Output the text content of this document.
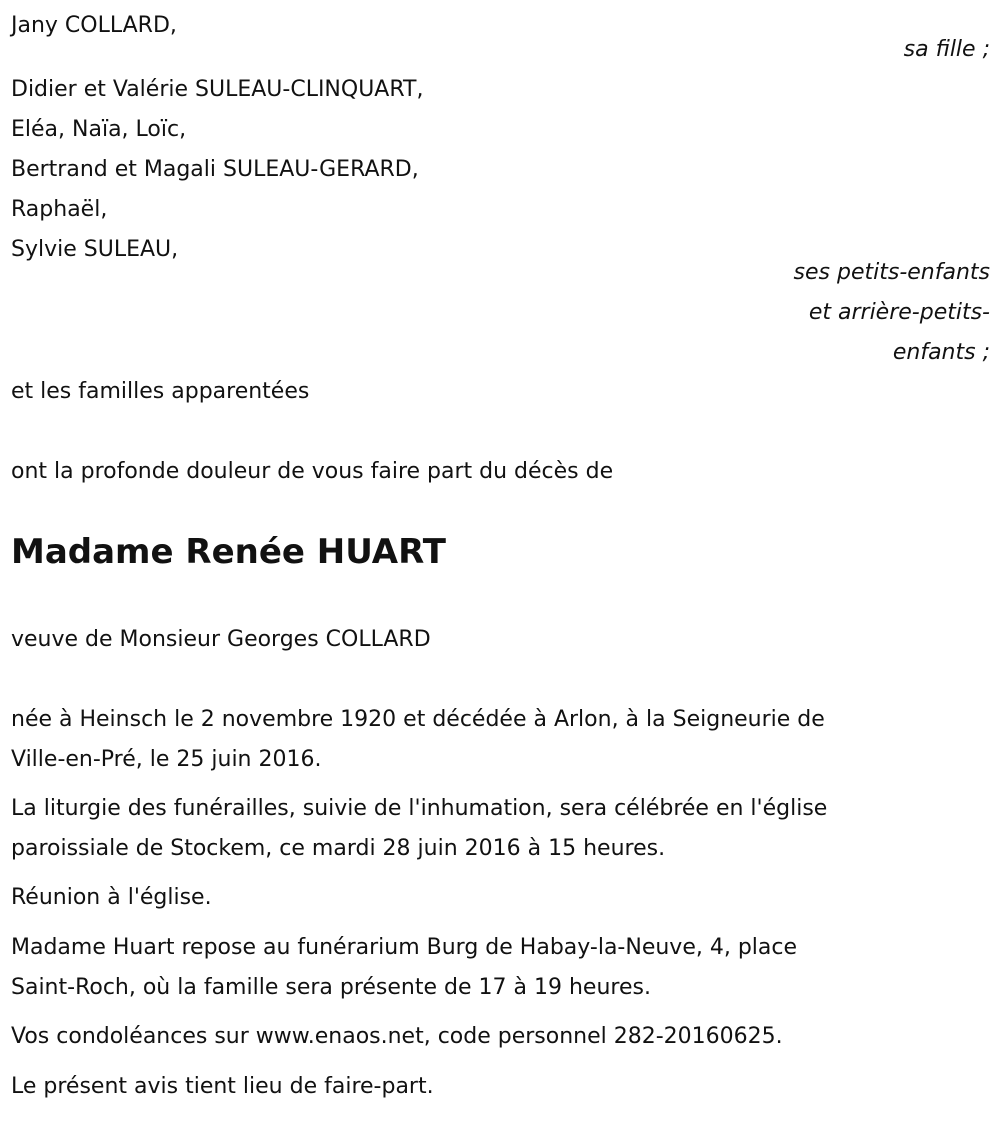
Jany COLLARD,
sa fille ;
Didier et Valérie SULEAU-CLINQUART,
Eléa, Naïa, Loïc,
Bertrand et Magali SULEAU-GERARD,
Raphaël,
Sylvie SULEAU,
ses petits-enfants
et arrière-petits-
enfants ;
et les familles apparentées
ont la profonde douleur de vous faire part du décès de
Madame Renée HUART
veuve de Monsieur Georges COLLARD
née à Heinsch le 2 novembre 1920 et décédée à Arlon, à la Seigneurie de
Ville-en-Pré, le 25 juin 2016.
La liturgie des funérailles, suivie de l'inhumation, sera célébrée en l'église
paroissiale de Stockem, ce mardi 28 juin 2016 à 15 heures.
Réunion à l'église.
Madame Huart repose au funérarium Burg de Habay-la-Neuve, 4, place
Saint-Roch, où la famille sera présente de 17 à 19 heures.
Vos condoléances sur www.enaos.net, code personnel 282-20160625.
Le présent avis tient lieu de faire-part.
